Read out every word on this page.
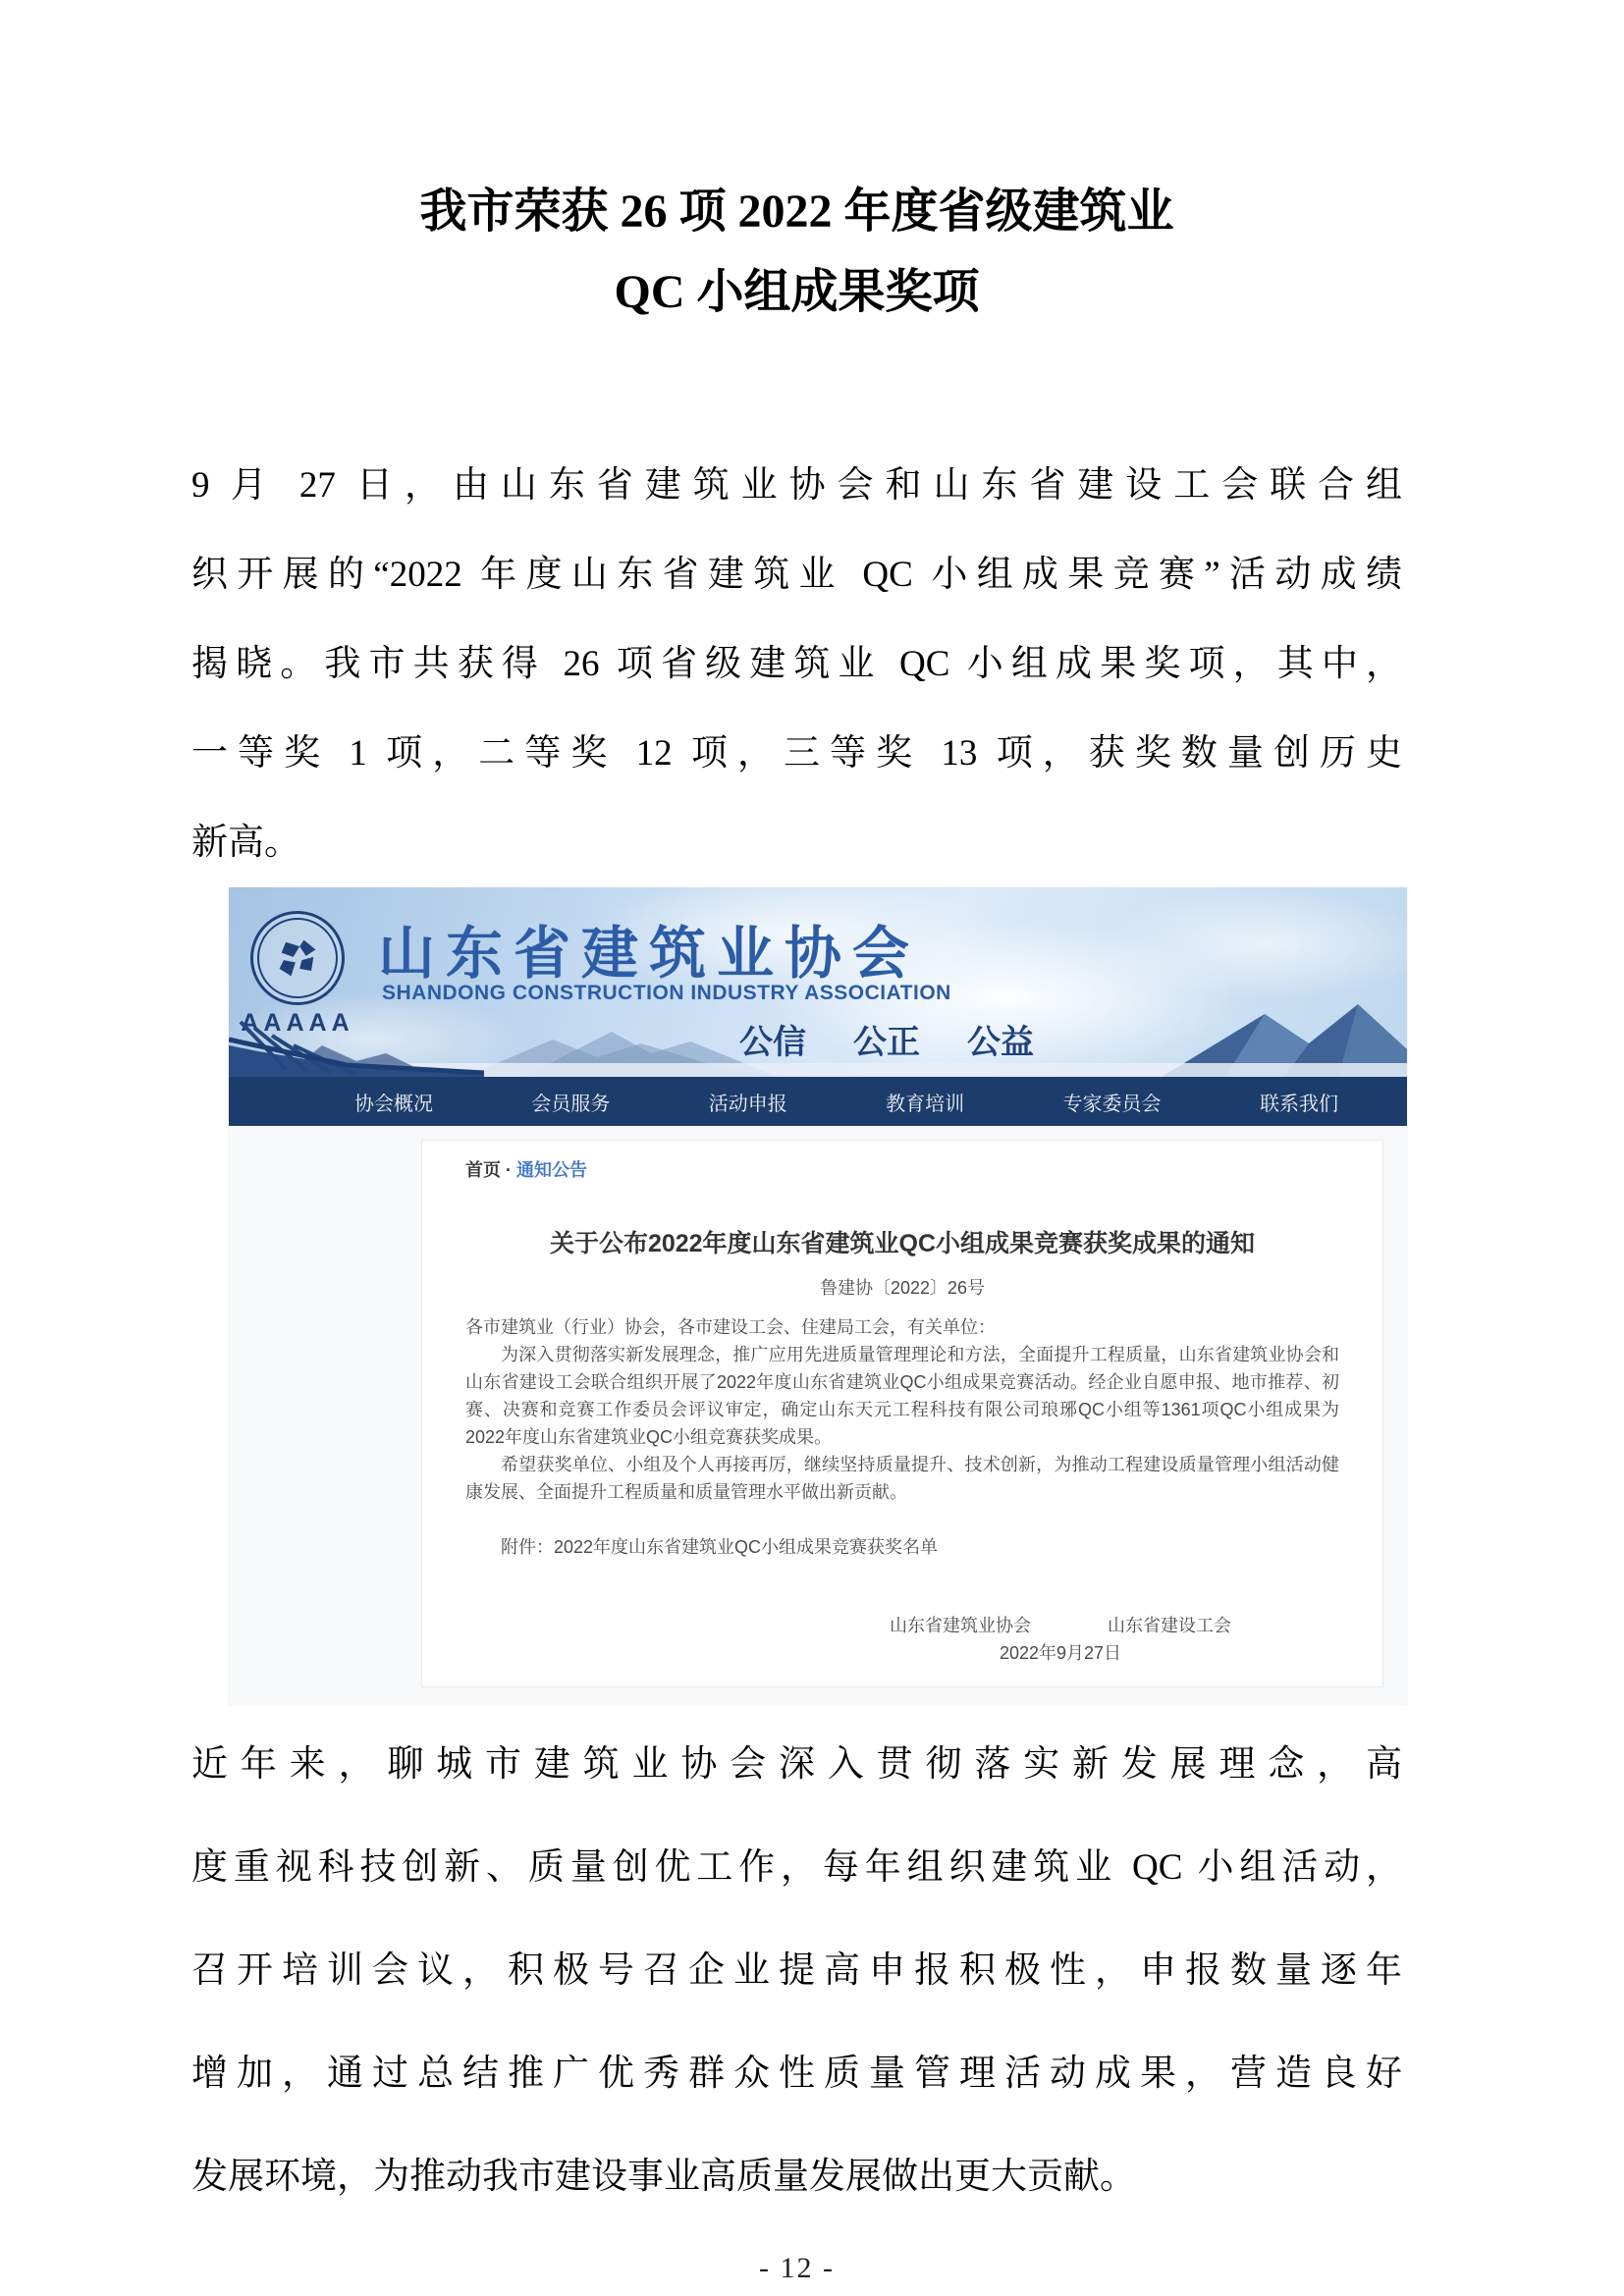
我市荣获 26 项 2022 年度省级建筑业
QC 小组成果奖项
9 月 27 日，由山东省建筑业协会和山东省建设工会联合组
织开展的“2022 年度山东省建筑业 QC 小组成果竞赛”活动成绩
揭晓。我市共获得 26 项省级建筑业 QC 小组成果奖项，其中，
一等奖 1 项，二等奖 12 项，三等奖 13 项，获奖数量创历史
新高。
AAAAA
山东省建筑业协会
SHANDONG CONSTRUCTION INDUSTRY ASSOCIATION
公信 公正 公益
协会概况	会员服务	活动申报	教育培训	专家委员会	联系我们
首页 · 通知公告
关于公布2022年度山东省建筑业QC小组成果竞赛获奖成果的通知
鲁建协〔2022〕26号

各市建筑业（行业）协会，各市建设工会、住建局工会，有关单位：

为深入贯彻落实新发展理念，推广应用先进质量管理理论和方法，全面提升工程质量，山东省建筑业协会和山东省建设工会联合组织开展了2022年度山东省建筑业QC小组成果竞赛活动。经企业自愿申报、地市推荐、初赛、决赛和竞赛工作委员会评议审定，确定山东天元工程科技有限公司琅琊QC小组等1361项QC小组成果为2022年度山东省建筑业QC小组竞赛获奖成果。

希望获奖单位、小组及个人再接再厉，继续坚持质量提升、技术创新，为推动工程建设质量管理小组活动健康发展、全面提升工程质量和质量管理水平做出新贡献。

附件：2022年度山东省建筑业QC小组成果竞赛获奖名单

山东省建筑业协会	山东省建设工会
2022年9月27日
近年来，聊城市建筑业协会深入贯彻落实新发展理念，高
度重视科技创新、质量创优工作，每年组织建筑业 QC 小组活动，
召开培训会议，积极号召企业提高申报积极性，申报数量逐年
增加，通过总结推广优秀群众性质量管理活动成果，营造良好
发展环境，为推动我市建设事业高质量发展做出更大贡献。
- 12 -
